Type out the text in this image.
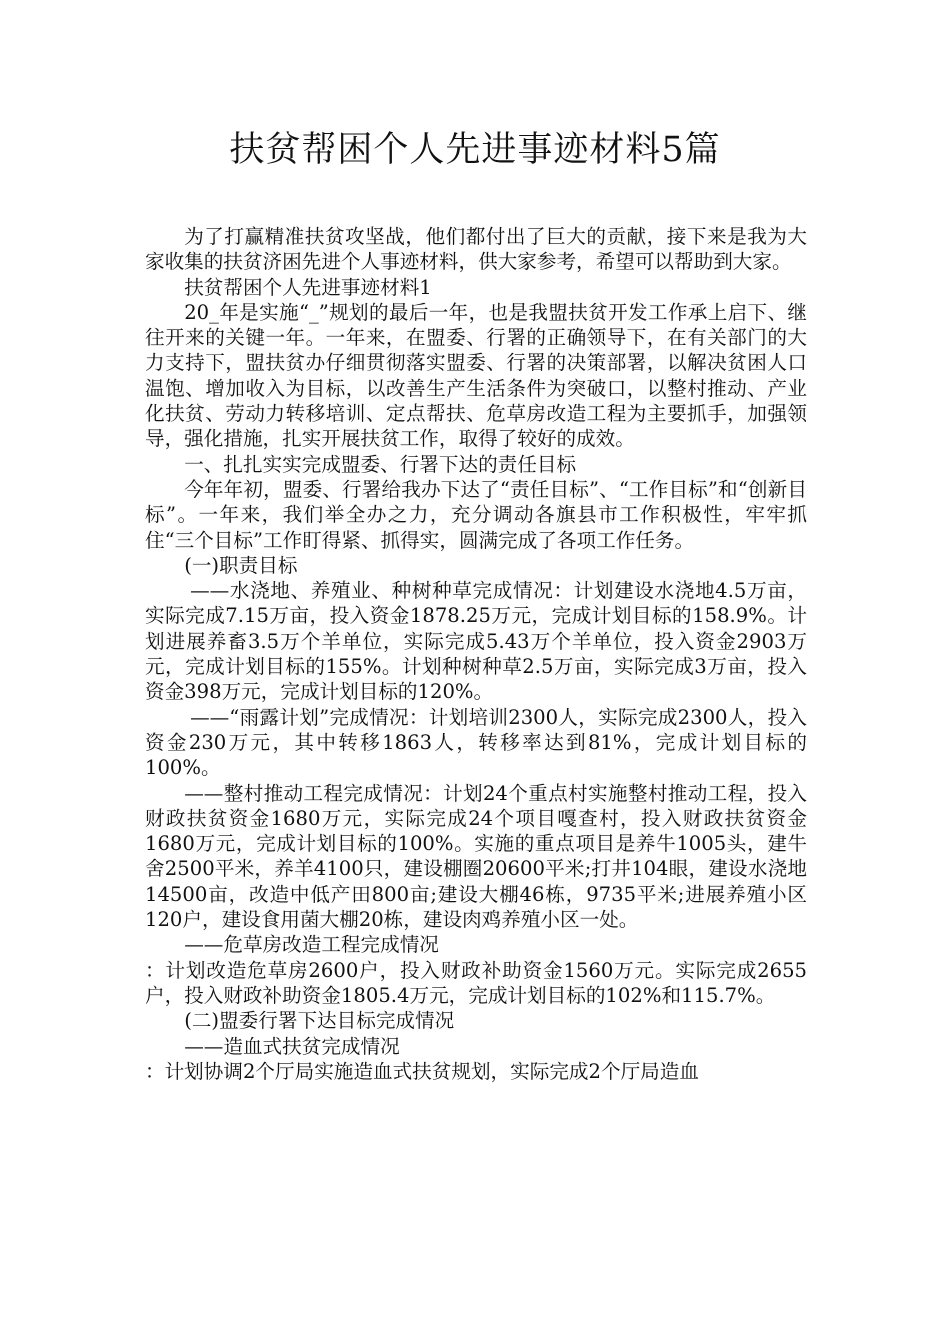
扶贫帮困个人先进事迹材料5篇

为了打赢精准扶贫攻坚战，他们都付出了巨大的贡献，接下来是我为大家收集的扶贫济困先进个人事迹材料，供大家参考，希望可以帮助到大家。

扶贫帮困个人先进事迹材料1

20_年是实施“_”规划的最后一年，也是我盟扶贫开发工作承上启下、继往开来的关键一年。一年来，在盟委、行署的正确领导下，在有关部门的大力支持下，盟扶贫办仔细贯彻落实盟委、行署的决策部署，以解决贫困人口温饱、增加收入为目标，以改善生产生活条件为突破口，以整村推动、产业化扶贫、劳动力转移培训、定点帮扶、危草房改造工程为主要抓手，加强领导，强化措施，扎实开展扶贫工作，取得了较好的成效。

一、扎扎实实完成盟委、行署下达的责任目标

今年年初，盟委、行署给我办下达了“责任目标”、“工作目标”和“创新目标”。一年来，我们举全办之力，充分调动各旗县市工作积极性，牢牢抓住“三个目标”工作盯得紧、抓得实，圆满完成了各项工作任务。

(一)职责目标

——水浇地、养殖业、种树种草完成情况：计划建设水浇地4.5万亩，实际完成7.15万亩，投入资金1878.25万元，完成计划目标的158.9%。计划进展养畜3.5万个羊单位，实际完成5.43万个羊单位，投入资金2903万元，完成计划目标的155%。计划种树种草2.5万亩，实际完成3万亩，投入资金398万元，完成计划目标的120%。

——“雨露计划”完成情况：计划培训2300人，实际完成2300人，投入资金230万元，其中转移1863人，转移率达到81%，完成计划目标的100%。

——整村推动工程完成情况：计划24个重点村实施整村推动工程，投入财政扶贫资金1680万元，实际完成24个项目嘎查村，投入财政扶贫资金1680万元，完成计划目标的100%。实施的重点项目是养牛1005头，建牛舍2500平米，养羊4100只，建设棚圈20600平米;打井104眼，建设水浇地14500亩，改造中低产田800亩;建设大棚46栋，9735平米;进展养殖小区120户，建设食用菌大棚20栋，建设肉鸡养殖小区一处。

——危草房改造工程完成情况

：计划改造危草房2600户，投入财政补助资金1560万元。实际完成2655户，投入财政补助资金1805.4万元，完成计划目标的102%和115.7%。

(二)盟委行署下达目标完成情况

——造血式扶贫完成情况

：计划协调2个厅局实施造血式扶贫规划，实际完成2个厅局造血
